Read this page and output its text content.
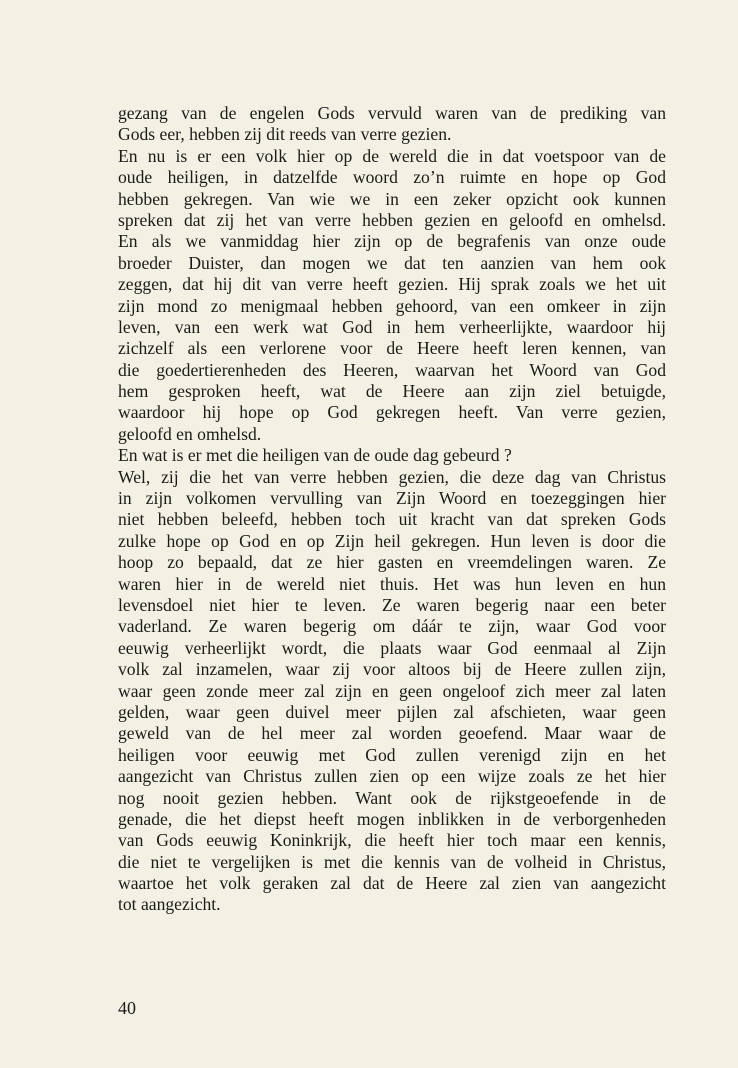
gezang van de engelen Gods vervuld waren van de prediking van
Gods eer, hebben zij dit reeds van verre gezien.
En nu is er een volk hier op de wereld die in dat voetspoor van de
oude heiligen, in datzelfde woord zo’n ruimte en hope op God
hebben gekregen. Van wie we in een zeker opzicht ook kunnen
spreken dat zij het van verre hebben gezien en geloofd en omhelsd.
En als we vanmiddag hier zijn op de begrafenis van onze oude
broeder Duister, dan mogen we dat ten aanzien van hem ook
zeggen, dat hij dit van verre heeft gezien. Hij sprak zoals we het uit
zijn mond zo menigmaal hebben gehoord, van een omkeer in zijn
leven, van een werk wat God in hem verheerlijkte, waardoor hij
zichzelf als een verlorene voor de Heere heeft leren kennen, van
die goedertierenheden des Heeren, waarvan het Woord van God
hem gesproken heeft, wat de Heere aan zijn ziel betuigde,
waardoor hij hope op God gekregen heeft. Van verre gezien,
geloofd en omhelsd.
En wat is er met die heiligen van de oude dag gebeurd ?
Wel, zij die het van verre hebben gezien, die deze dag van Christus
in zijn volkomen vervulling van Zijn Woord en toezeggingen hier
niet hebben beleefd, hebben toch uit kracht van dat spreken Gods
zulke hope op God en op Zijn heil gekregen. Hun leven is door die
hoop zo bepaald, dat ze hier gasten en vreemdelingen waren. Ze
waren hier in de wereld niet thuis. Het was hun leven en hun
levensdoel niet hier te leven. Ze waren begerig naar een beter
vaderland. Ze waren begerig om dáár te zijn, waar God voor
eeuwig verheerlijkt wordt, die plaats waar God eenmaal al Zijn
volk zal inzamelen, waar zij voor altoos bij de Heere zullen zijn,
waar geen zonde meer zal zijn en geen ongeloof zich meer zal laten
gelden, waar geen duivel meer pijlen zal afschieten, waar geen
geweld van de hel meer zal worden geoefend. Maar waar de
heiligen voor eeuwig met God zullen verenigd zijn en het
aangezicht van Christus zullen zien op een wijze zoals ze het hier
nog nooit gezien hebben. Want ook de rijkstgeoefende in de
genade, die het diepst heeft mogen inblikken in de verborgenheden
van Gods eeuwig Koninkrijk, die heeft hier toch maar een kennis,
die niet te vergelijken is met die kennis van de volheid in Christus,
waartoe het volk geraken zal dat de Heere zal zien van aangezicht
tot aangezicht.
40
